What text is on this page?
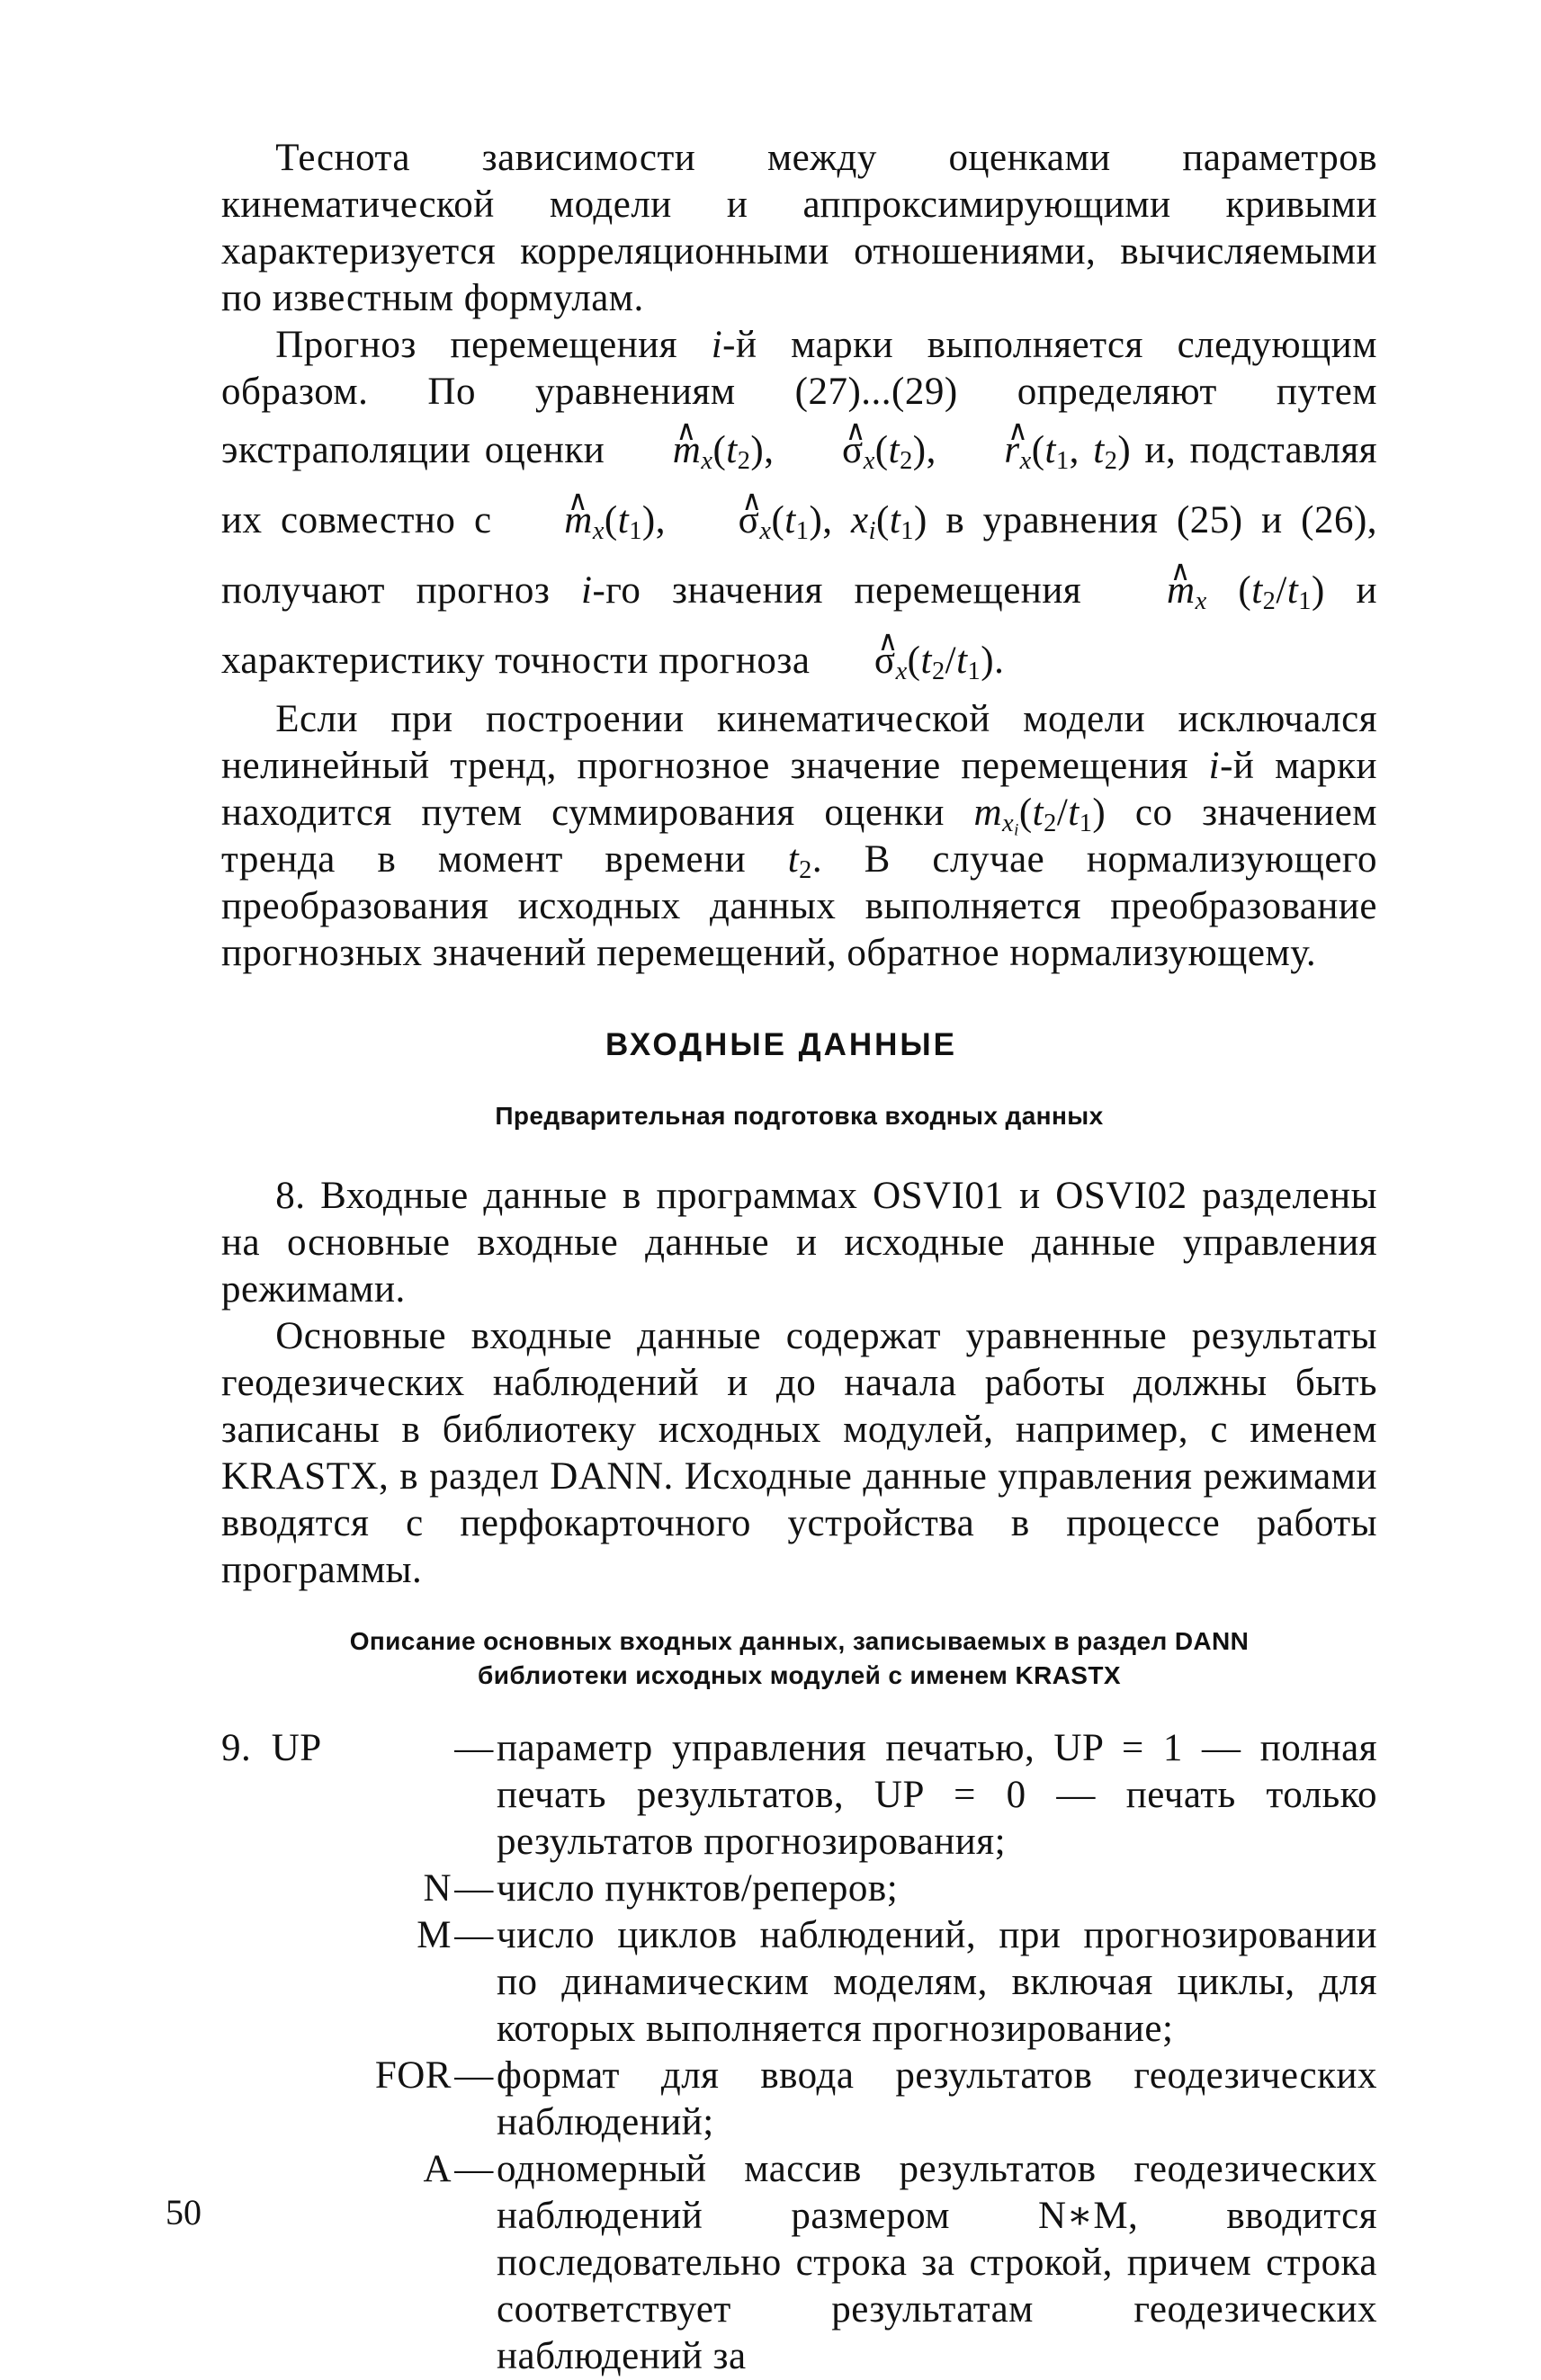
Теснота зависимости между оценками параметров кинематической модели и аппроксимирующими кривыми характеризуется корреляционными отношениями, вычисляемыми по известным формулам.

Прогноз перемещения i-й марки выполняется следующим образом. По уравнениям (27)...(29) определяют путем экстраполяции оценки ∧ $m_x(t_2)$, ∧ $\sigma_x(t_2)$, ∧ $r_x(t_1$, $t_2$) и, подставляя их совместно с ∧ $m_x(t_1)$, ∧ $\sigma_x(t_1)$, $x_i(t_1)$ в уравнения (25) и (26), получают прогноз i-го значения перемещения ∧ $m_x$ $(t_2/t_1)$ и характеристику точности прогноза ∧ $\sigma_x(t_2/t_1)$.

Если при построении кинематической модели исключался нелинейный тренд, прогнозное значение перемещения i-й марки находится путем суммирования оценки $m_{x_i}(t_2/t_1)$ со значением тренда в момент времени $t_2$. В случае нормализующего преобразования исходных данных выполняется преобразование прогнозных значений перемещений, обратное нормализующему.

ВХОДНЫЕ ДАННЫЕ
Предварительная подготовка входных данных

8. Входные данные в программах OSVI01 и OSVI02 разделены на основные входные данные и исходные данные управления режимами.

Основные входные данные содержат уравненные результаты геодезических наблюдений и до начала работы должны быть записаны в библиотеку исходных модулей, например, с именем KRASTX, в раздел DANN. Исходные данные управления режимами вводятся с перфокарточного устройства в процессе работы программы.

Описание основных входных данных, записываемых в раздел DANN
библиотеки исходных модулей с именем KRASTX
9.  UP	— параметр управления печатью, UP = 1 — полная печать результатов, UP = 0 — печать только результатов прогнозирования;
N — число пунктов/реперов;
M — число циклов наблюдений, при прогнозировании по динамическим моделям, включая циклы, для которых выполняется прогнозирование;
FOR — формат для ввода результатов геодезических наблюдений;
A — одномерный массив результатов геодезических наблюдений размером N∗M, вводится последовательно строка за строкой, причем строка соответствует результатам геодезических наблюдений за
50
